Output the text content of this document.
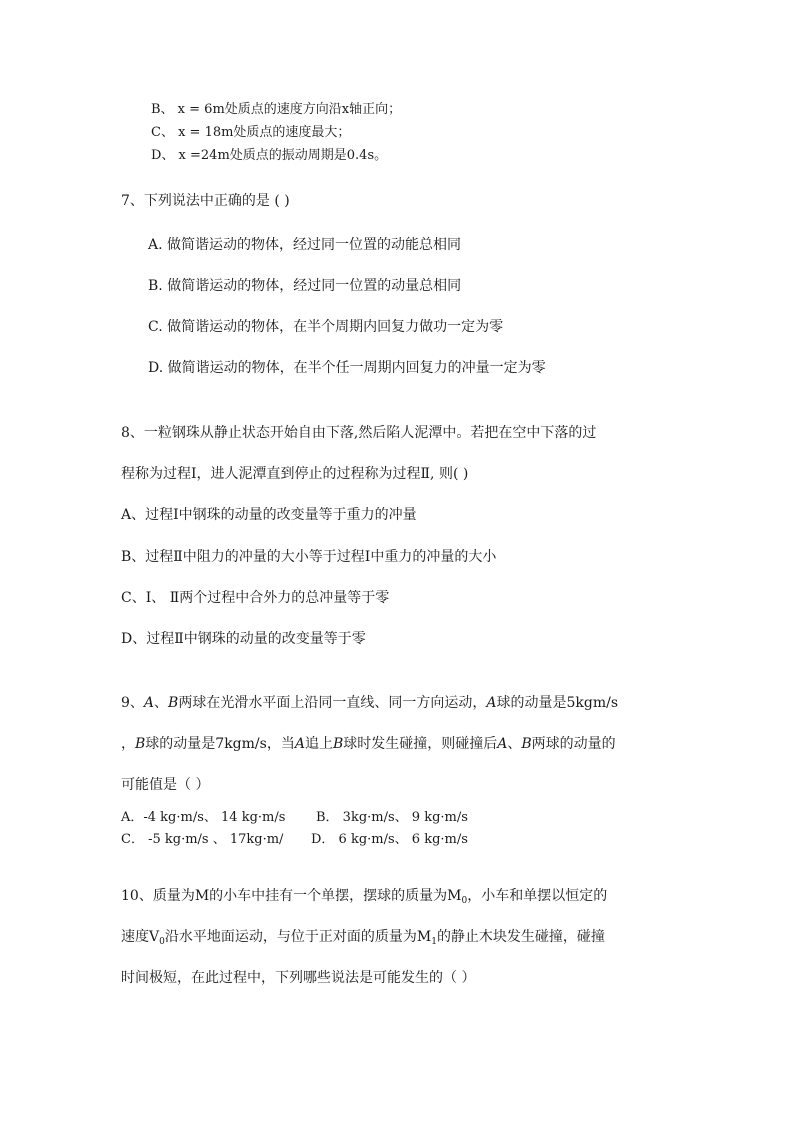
B、 x = 6m处质点的速度方向沿x轴正向；
C、 x = 18m处质点的速度最大；
D、 x =24m处质点的振动周期是0.4s。
7、下列说法中正确的是 ( )
A. 做简谐运动的物体，经过同一位置的动能总相同
B. 做简谐运动的物体，经过同一位置的动量总相同
C. 做简谐运动的物体，在半个周期内回复力做功一定为零
D. 做简谐运动的物体，在半个任一周期内回复力的冲量一定为零
8、一粒钢珠从静止状态开始自由下落,然后陷人泥潭中。若把在空中下落的过
程称为过程Ⅰ，进人泥潭直到停止的过程称为过程Ⅱ, 则( )
A、过程I中钢珠的动量的改变量等于重力的冲量
B、过程Ⅱ中阻力的冲量的大小等于过程I中重力的冲量的大小
C、I、 Ⅱ两个过程中合外力的总冲量等于零
D、过程Ⅱ中钢珠的动量的改变量等于零
9、A、B两球在光滑水平面上沿同一直线、同一方向运动，A球的动量是5kgm/s
，B球的动量是7kgm/s，当A追上B球时发生碰撞，则碰撞后A、B两球的动量的
可能值是（ ）
A．-4 kg·m/s、 14 kg·m/s B． 3kg·m/s、 9 kg·m/s
C． -5 kg·m/s 、 17kg·m/ D． 6 kg·m/s、 6 kg·m/s
10、质量为M的小车中挂有一个单摆，摆球的质量为$M_0$，小车和单摆以恒定的
速度$V_0$沿水平地面运动，与位于正对面的质量为$M_1$的静止木块发生碰撞，碰撞
时间极短，在此过程中，下列哪些说法是可能发生的（ ）
